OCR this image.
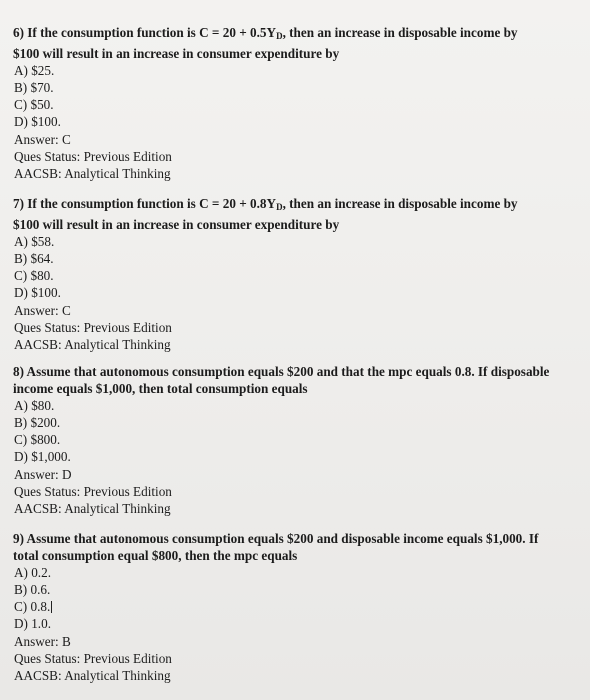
6) If the consumption function is $C = 20 + 0.5Y_D$, then an increase in disposable income by
$100 will result in an increase in consumer expenditure by
A) $25.
B) $70.
C) $50.
D) $100.
Answer: C
Ques Status: Previous Edition
AACSB: Analytical Thinking
7) If the consumption function is $C = 20 + 0.8Y_D$, then an increase in disposable income by
$100 will result in an increase in consumer expenditure by
A) $58.
B) $64.
C) $80.
D) $100.
Answer: C
Ques Status: Previous Edition
AACSB: Analytical Thinking
8) Assume that autonomous consumption equals $200 and that the mpc equals 0.8. If disposable
income equals $1,000, then total consumption equals
A) $80.
B) $200.
C) $800.
D) $1,000.
Answer: D
Ques Status: Previous Edition
AACSB: Analytical Thinking
9) Assume that autonomous consumption equals $200 and disposable income equals $1,000. If
total consumption equal $800, then the mpc equals
A) 0.2.
B) 0.6.
C) 0.8.
D) 1.0.
Answer: B
Ques Status: Previous Edition
AACSB: Analytical Thinking
